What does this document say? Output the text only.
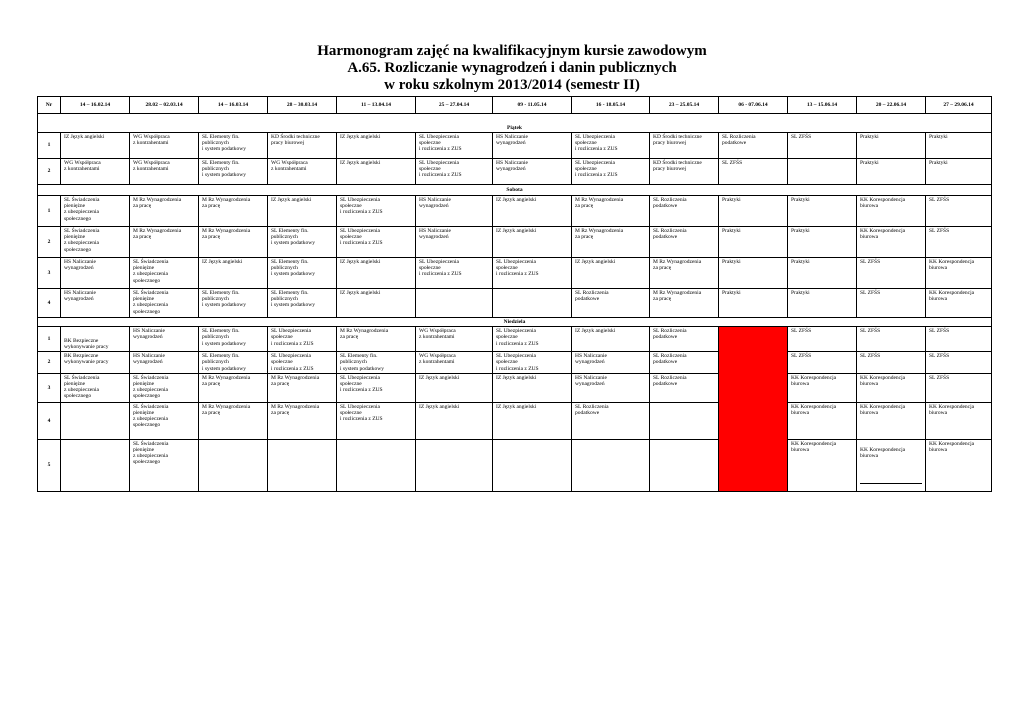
Harmonogram zajęć na kwalifikacyjnym kursie zawodowym
A.65. Rozliczanie wynagrodzeń i danin publicznych
w roku szkolnym 2013/2014 (semestr II)
Nr	14 – 16.02.14	28.02 – 02.03.14	14 – 16.03.14	28 – 30.03.14	11 – 13.04.14	25 – 27.04.14	09 - 11.05.14	16 - 18.05.14	23 – 25.05.14	06 - 07.06.14	13 – 15.06.14	20 – 22.06.14	27 – 29.06.14
Piątek													
1	IZ Język angielski	WG Współpraca
z kontrahentami	SL Elementy fin.
publicznych
i system podatkowy	KD Środki techniczne
pracy biurowej	IZ Język angielski	SL Ubezpieczenia
społeczne
i rozliczenia z ZUS	HS Naliczanie
wynagrodzeń	SL Ubezpieczenia
społeczne
i rozliczenia z ZUS	KD Środki techniczne
pracy biurowej	SL Rozliczenia
podatkowe	SL ZFŚS	Praktyki	Praktyki
2	WG Współpraca
z kontrahentami	WG Współpraca
z kontrahentami	SL Elementy fin.
publicznych
i system podatkowy	WG Współpraca
z kontrahentami	IZ Język angielski	SL Ubezpieczenia
społeczne
i rozliczenia z ZUS	HS Naliczanie
wynagrodzeń	SL Ubezpieczenia
społeczne
i rozliczenia z ZUS	KD Środki techniczne
pracy biurowej	SL ZFŚS		Praktyki	Praktyki
Sobota													
1	SL Świadczenia
pieniężne
z ubezpieczenia
społecznego	M Rz Wynagrodzenia
za pracę	M Rz Wynagrodzenia
za pracę	IZ Język angielski	SL Ubezpieczenia
społeczne
i rozliczenia z ZUS	HS Naliczanie
wynagrodzeń	IZ Język angielski	M Rz Wynagrodzenia
za pracę	SL Rozliczenia
podatkowe	Praktyki	Praktyki	KK Korespondencja
biurowa	SL ZFŚS
2	SL Świadczenia
pieniężne
z ubezpieczenia
społecznego	M Rz Wynagrodzenia
za pracę	M Rz Wynagrodzenia
za pracę	SL Elementy fin.
publicznych
i system podatkowy	SL Ubezpieczenia
społeczne
i rozliczenia z ZUS	HS Naliczanie
wynagrodzeń	IZ Język angielski	M Rz Wynagrodzenia
za pracę	SL Rozliczenia
podatkowe	Praktyki	Praktyki	KK Korespondencja
biurowa	SL ZFŚS
3	HS Naliczanie
wynagrodzeń	SL Świadczenia
pieniężne
z ubezpieczenia
społecznego	IZ Język angielski	SL Elementy fin.
publicznych
i system podatkowy	IZ Język angielski	SL Ubezpieczenia
społeczne
i rozliczenia z ZUS	SL Ubezpieczenia
społeczne
i rozliczenia z ZUS	IZ Język angielski	M Rz Wynagrodzenia
za pracę	Praktyki	Praktyki	SL ZFŚS	KK Korespondencja
biurowa
4	HS Naliczanie
wynagrodzeń	SL Świadczenia
pieniężne
z ubezpieczenia
społecznego	SL Elementy fin.
publicznych
i system podatkowy	SL Elementy fin.
publicznych
i system podatkowy	IZ Język angielski			SL Rozliczenia
podatkowe	M Rz Wynagrodzenia
za pracę	Praktyki	Praktyki	SL ZFŚS	KK Korespondencja
biurowa
Niedziela													
1	BK Bezpieczne
wykonywanie pracy	HS Naliczanie
wynagrodzeń	SL Elementy fin.
publicznych
i system podatkowy	SL Ubezpieczenia
społeczne
i rozliczenia z ZUS	M Rz Wynagrodzenia
za pracę	WG Współpraca
z kontrahentami	SL Ubezpieczenia
społeczne
i rozliczenia z ZUS	IZ Język angielski	SL Rozliczenia
podatkowe		SL ZFŚS	SL ZFŚS	SL ZFŚS
2	BK Bezpieczne
wykonywanie pracy	HS Naliczanie
wynagrodzeń	SL Elementy fin.
publicznych
i system podatkowy	SL Ubezpieczenia
społeczne
i rozliczenia z ZUS	SL Elementy fin.
publicznych
i system podatkowy	WG Współpraca
z kontrahentami	SL Ubezpieczenia
społeczne
i rozliczenia z ZUS	HS Naliczanie
wynagrodzeń	SL Rozliczenia
podatkowe		SL ZFŚS	SL ZFŚS	SL ZFŚS
3	SL Świadczenia
pieniężne
z ubezpieczenia
społecznego	SL Świadczenia
pieniężne
z ubezpieczenia
społecznego	M Rz Wynagrodzenia
za pracę	M Rz Wynagrodzenia
za pracę	SL Ubezpieczenia
społeczne
i rozliczenia z ZUS	IZ Język angielski	IZ Język angielski	HS Naliczanie
wynagrodzeń	SL Rozliczenia
podatkowe		KK Korespondencja
biurowa	KK Korespondencja
biurowa	SL ZFŚS
4		SL Świadczenia
pieniężne
z ubezpieczenia
społecznego	M Rz Wynagrodzenia
za pracę	M Rz Wynagrodzenia
za pracę	SL Ubezpieczenia
społeczne
i rozliczenia z ZUS	IZ Język angielski	IZ Język angielski	SL Rozliczenia
podatkowe			KK Korespondencja
biurowa	KK Korespondencja
biurowa	KK Korespondencja
biurowa
5		SL Świadczenia
pieniężne
z ubezpieczenia
społecznego									KK Korespondencja
biurowa	KK Korespondencja
biurowa	KK Korespondencja
biurowa
